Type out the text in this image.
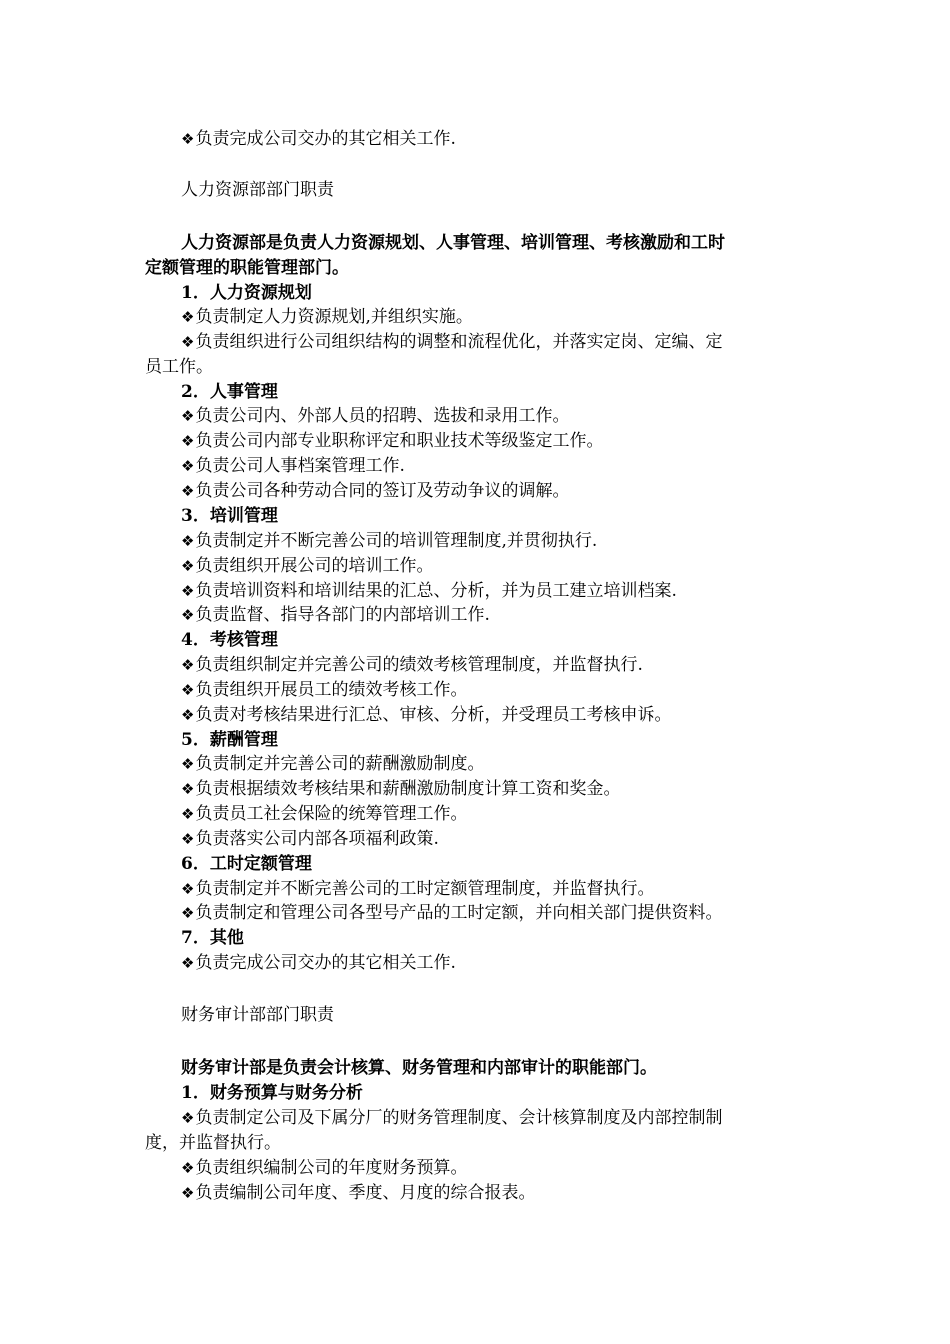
❖负责完成公司交办的其它相关工作.
人力资源部部门职责
人力资源部是负责人力资源规划、人事管理、培训管理、考核激励和工时
定额管理的职能管理部门。
1．人力资源规划
❖负责制定人力资源规划,并组织实施。
❖负责组织进行公司组织结构的调整和流程优化，并落实定岗、定编、定
员工作。
2．人事管理
❖负责公司内、外部人员的招聘、选拔和录用工作。
❖负责公司内部专业职称评定和职业技术等级鉴定工作。
❖负责公司人事档案管理工作.
❖负责公司各种劳动合同的签订及劳动争议的调解。
3．培训管理
❖负责制定并不断完善公司的培训管理制度,并贯彻执行.
❖负责组织开展公司的培训工作。
❖负责培训资料和培训结果的汇总、分析，并为员工建立培训档案.
❖负责监督、指导各部门的内部培训工作.
4．考核管理
❖负责组织制定并完善公司的绩效考核管理制度，并监督执行.
❖负责组织开展员工的绩效考核工作。
❖负责对考核结果进行汇总、审核、分析，并受理员工考核申诉。
5．薪酬管理
❖负责制定并完善公司的薪酬激励制度。
❖负责根据绩效考核结果和薪酬激励制度计算工资和奖金。
❖负责员工社会保险的统筹管理工作。
❖负责落实公司内部各项福利政策.
6．工时定额管理
❖负责制定并不断完善公司的工时定额管理制度，并监督执行。
❖负责制定和管理公司各型号产品的工时定额，并向相关部门提供资料。
7．其他
❖负责完成公司交办的其它相关工作.
财务审计部部门职责
财务审计部是负责会计核算、财务管理和内部审计的职能部门。
1．财务预算与财务分析
❖负责制定公司及下属分厂的财务管理制度、会计核算制度及内部控制制
度，并监督执行。
❖负责组织编制公司的年度财务预算。
❖负责编制公司年度、季度、月度的综合报表。
